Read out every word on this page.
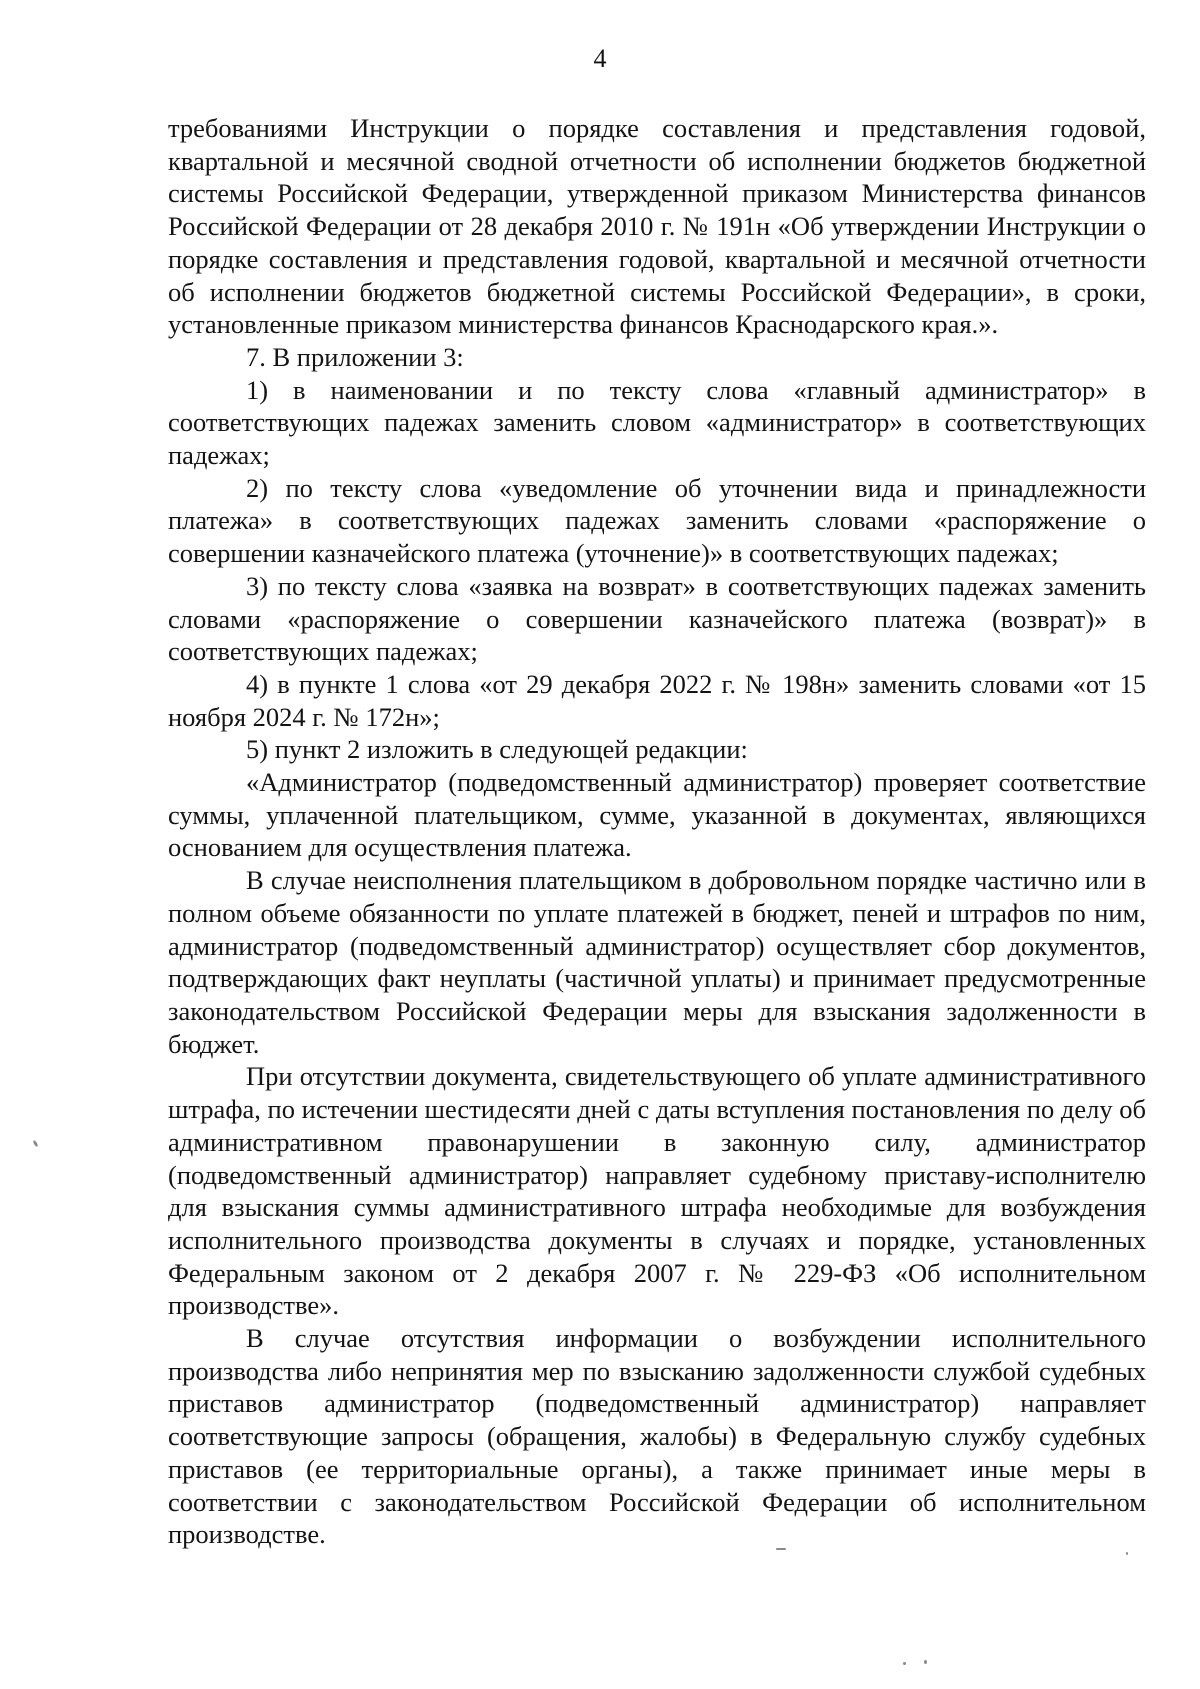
4

требованиями Инструкции о порядке составления и представления годовой, квартальной и месячной сводной отчетности об исполнении бюджетов бюджетной системы Российской Федерации, утвержденной приказом Министерства финансов Российской Федерации от 28 декабря 2010 г. № 191н «Об утверждении Инструкции о порядке составления и представления годовой, квартальной и месячной отчетности об исполнении бюджетов бюджетной системы Российской Федерации», в сроки, установленные приказом министерства финансов Краснодарского края.».

7. В приложении 3:

1) в наименовании и по тексту слова «главный администратор» в соответствующих падежах заменить словом «администратор» в соответствующих падежах;

2) по тексту слова «уведомление об уточнении вида и принадлежности платежа» в соответствующих падежах заменить словами «распоряжение о совершении казначейского платежа (уточнение)» в соответствующих падежах;

3) по тексту слова «заявка на возврат» в соответствующих падежах заменить словами «распоряжение о совершении казначейского платежа (возврат)» в соответствующих падежах;

4) в пункте 1 слова «от 29 декабря 2022 г. № 198н» заменить словами «от 15 ноября 2024 г. № 172н»;

5) пункт 2 изложить в следующей редакции:

«Администратор (подведомственный администратор) проверяет соответствие суммы, уплаченной плательщиком, сумме, указанной в документах, являющихся основанием для осуществления платежа.

В случае неисполнения плательщиком в добровольном порядке частично или в полном объеме обязанности по уплате платежей в бюджет, пеней и штрафов по ним, администратор (подведомственный администратор) осуществляет сбор документов, подтверждающих факт неуплаты (частичной уплаты) и принимает предусмотренные законодательством Российской Федерации меры для взыскания задолженности в бюджет.

При отсутствии документа, свидетельствующего об уплате административного штрафа, по истечении шестидесяти дней с даты вступления постановления по делу об административном правонарушении в законную силу, администратор (подведомственный администратор) направляет судебному приставу-исполнителю для взыскания суммы административного штрафа необходимые для возбуждения исполнительного производства документы в случаях и порядке, установленных Федеральным законом от 2 декабря 2007 г. № 229-ФЗ «Об исполнительном производстве».

В случае отсутствия информации о возбуждении исполнительного производства либо непринятия мер по взысканию задолженности службой судебных приставов администратор (подведомственный администратор) направляет соответствующие запросы (обращения, жалобы) в Федеральную службу судебных приставов (ее территориальные органы), а также принимает иные меры в соответствии с законодательством Российской Федерации об исполнительном производстве.
